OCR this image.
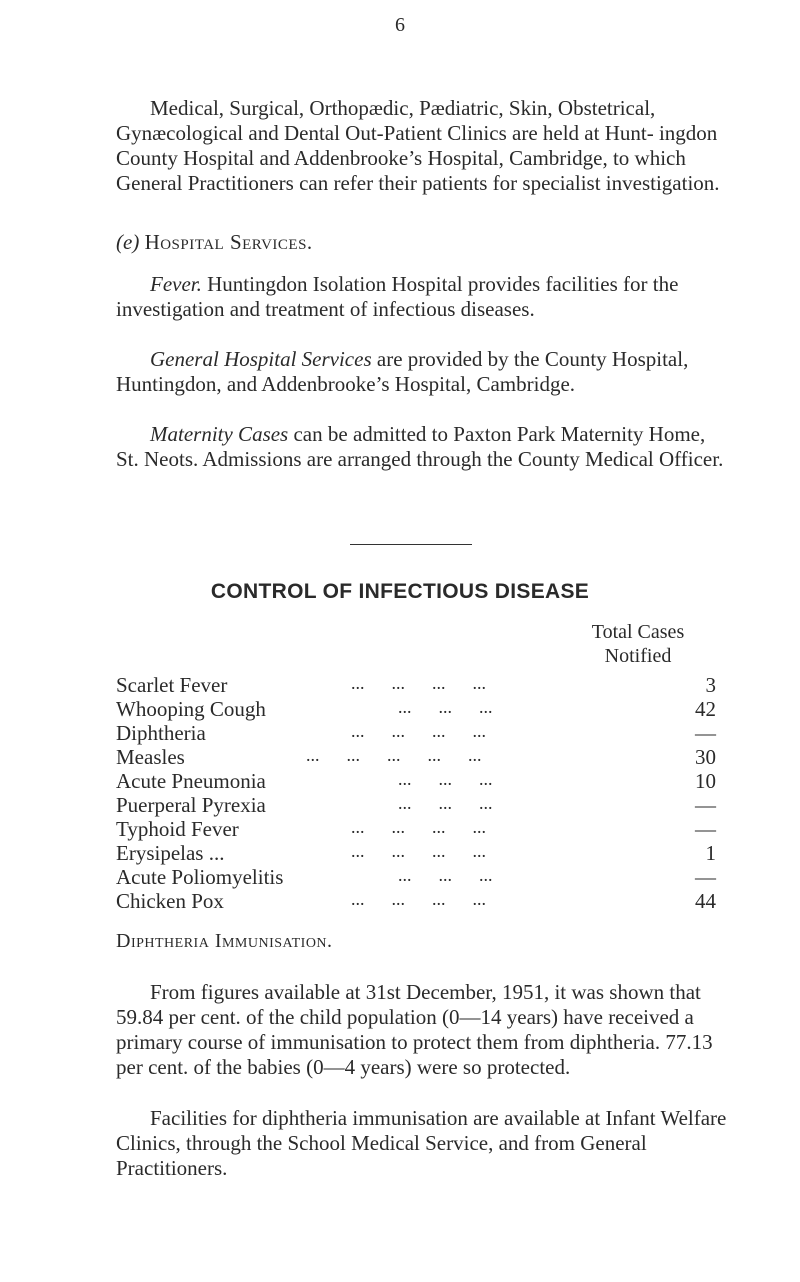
6

Medical, Surgical, Orthopædic, Pædiatric, Skin, Obstetrical, Gynæcological and Dental Out-Patient Clinics are held at Hunt- ingdon County Hospital and Addenbrooke’s Hospital, Cambridge, to which General Practitioners can refer their patients for specialist investigation.

(e) Hospital Services.

Fever. Huntingdon Isolation Hospital provides facilities for the investigation and treatment of infectious diseases.

General Hospital Services are provided by the County Hospital, Huntingdon, and Addenbrooke’s Hospital, Cambridge.

Maternity Cases can be admitted to Paxton Park Maternity Home, St. Neots. Admissions are arranged through the County Medical Officer.

CONTROL OF INFECTIOUS DISEASE
Total Cases
Notified
Scarlet Fever	...      ...      ...      ...	3
Whooping Cough	...      ...      ...	42
Diphtheria	...      ...      ...      ...	—
Measles	...      ...      ...      ...      ...	30
Acute Pneumonia	...      ...      ...	10
Puerperal Pyrexia	...      ...      ...	—
Typhoid Fever	...      ...      ...      ...	—
Erysipelas ...	...      ...      ...      ...	1
Acute Poliomyelitis	...      ...      ...	—
Chicken Pox	...      ...      ...      ...	44
Diphtheria Immunisation.

From figures available at 31st December, 1951, it was shown that 59.84 per cent. of the child population (0—14 years) have received a primary course of immunisation to protect them from diphtheria. 77.13 per cent. of the babies (0—4 years) were so protected.

Facilities for diphtheria immunisation are available at Infant Welfare Clinics, through the School Medical Service, and from General Practitioners.
